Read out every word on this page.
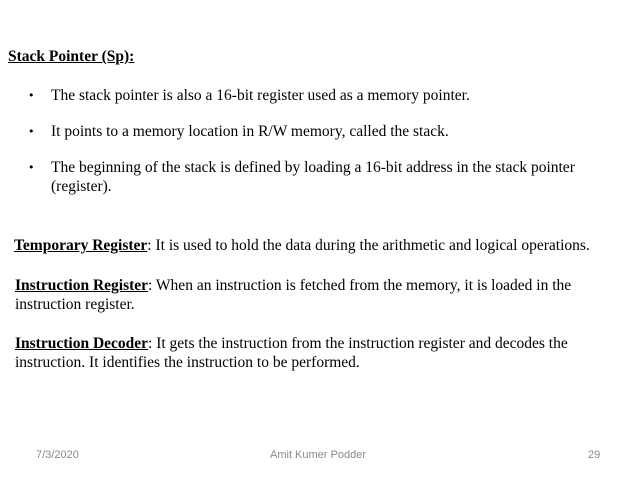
Stack Pointer (Sp):
• The stack pointer is also a 16-bit register used as a memory pointer.
• It points to a memory location in R/W memory, called the stack.
• The beginning of the stack is defined by loading a 16-bit address in the stack pointer (register).
Temporary Register: It is used to hold the data during the arithmetic and logical operations.
Instruction Register: When an instruction is fetched from the memory, it is loaded in the instruction register.
Instruction Decoder: It gets the instruction from the instruction register and decodes the instruction. It identifies the instruction to be performed.
7/3/2020	Amit Kumer Podder	29
